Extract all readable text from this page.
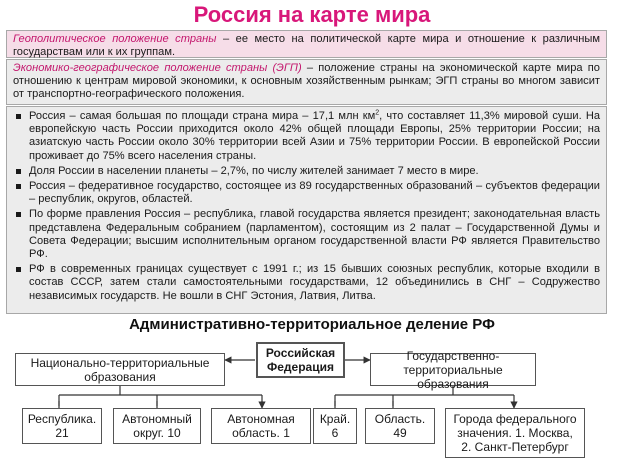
Россия на карте мира
Геополитическое положение страны – ее место на политической карте мира и отношение к различным государствам или к их группам.
Экономико-географическое положение страны (ЭГП) – положение страны на экономической карте мира по отношению к центрам мировой экономики, к основным хозяйственным рынкам; ЭГП страны во многом зависит от транспортно-географического положения.

Россия – самая большая по площади страна мира – 17,1 млн $км^2$, что составляет 11,3% мировой суши. На европейскую часть России приходится около 42% общей площади Европы, 25% территории России; на азиатскую часть России около 30% территории всей Азии и 75% территории России. В европейской России проживает до 75% всего населения страны.

Доля России в населении планеты – 2,7%, по числу жителей занимает 7 место в мире.

Россия – федеративное государство, состоящее из 89 государственных образований – субъектов федерации – республик, округов, областей.

По форме правления Россия – республика, главой государства является президент; законодательная власть представлена Федеральным собранием (парламентом), состоящим из 2 палат – Государственной Думы и Совета Федерации; высшим исполнительным органом государственной власти РФ является Правительство РФ.

РФ в современных границах существует с 1991 г.; из 15 бывших союзных республик, которые входили в состав СССР, затем стали самостоятельными государствами, 12 объединились в СНГ – Содружество независимых государств. Не вошли в СНГ Эстония, Латвия, Литва.

Административно-территориальное деление РФ
Российская
Федерация
Национально-территориальные
образования
Государственно-территориальные
образования
Республика.
21
Автономный
округ. 10
Автономная
область. 1
Край.
6
Область.
49
Города федерального
значения. 1. Москва,
2. Санкт-Петербург
